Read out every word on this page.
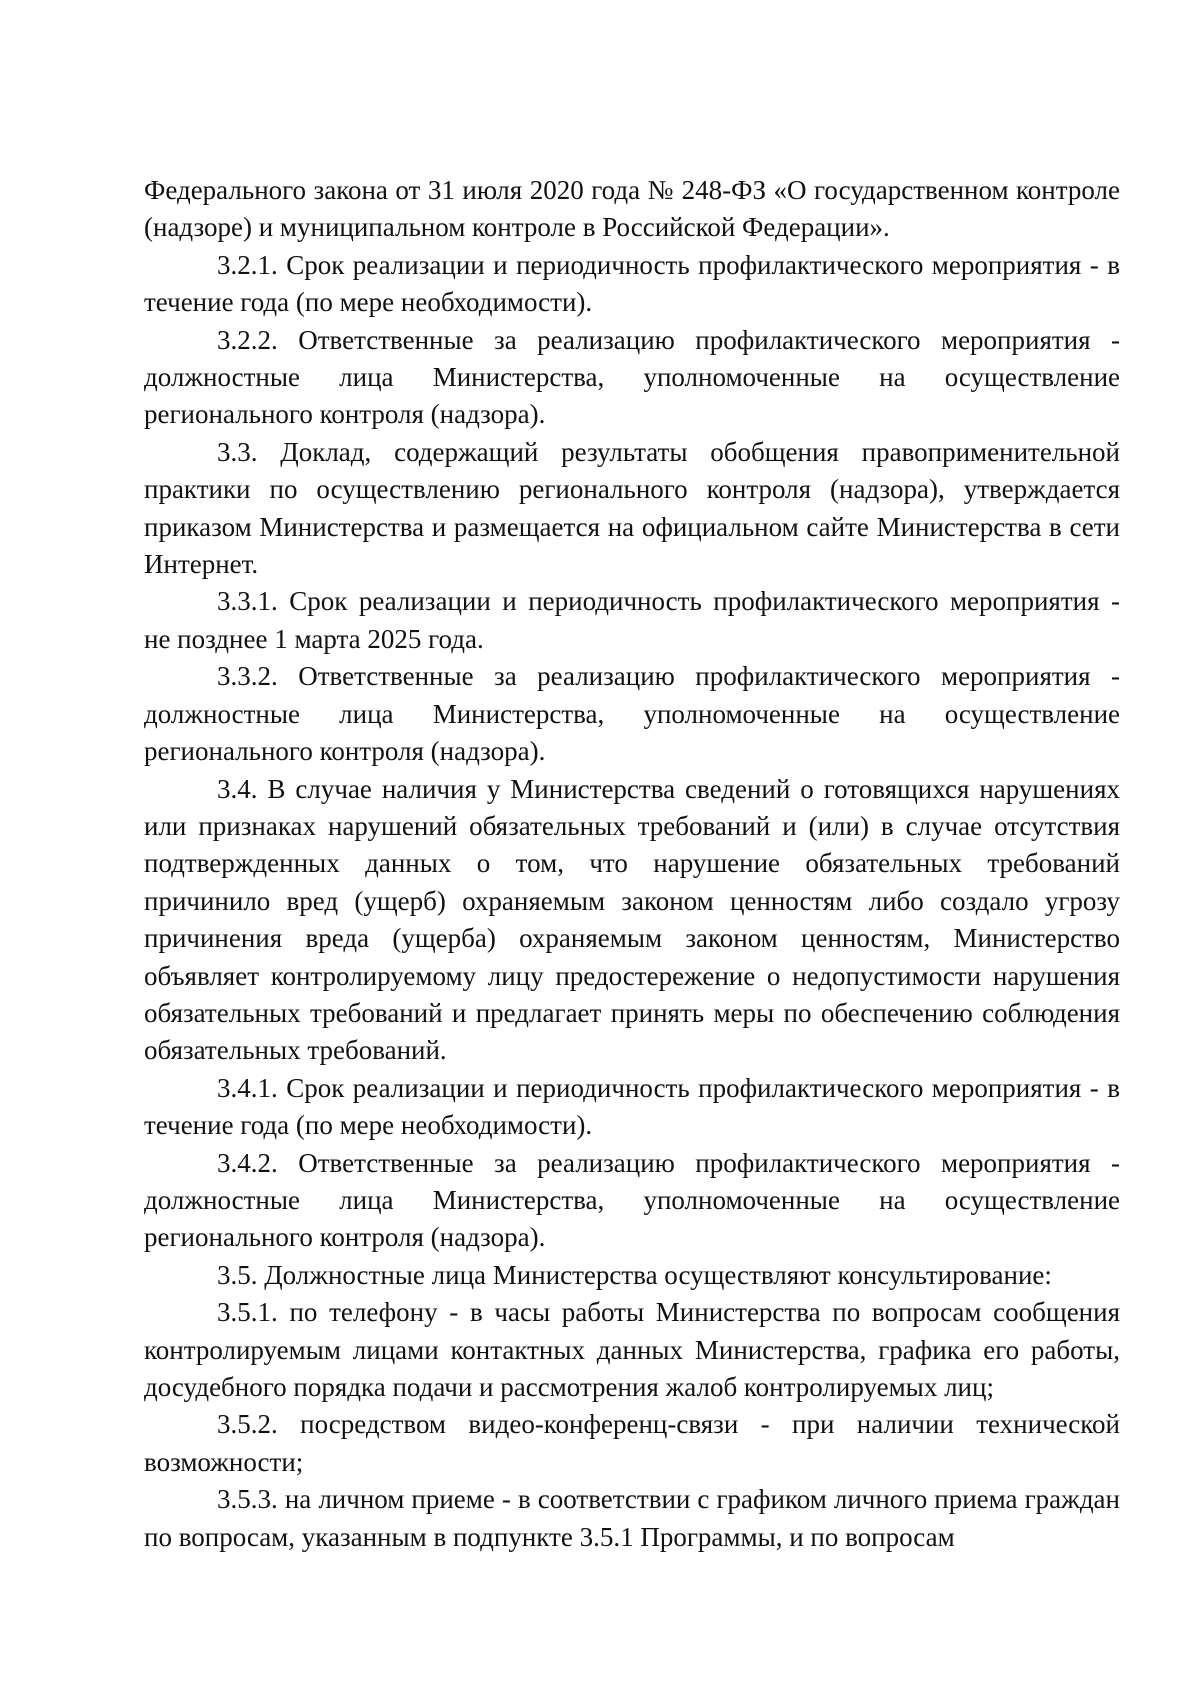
Федерального закона от 31 июля 2020 года № 248-ФЗ «О государственном контроле (надзоре) и муниципальном контроле в Российской Федерации».

3.2.1. Срок реализации и периодичность профилактического мероприятия - в течение года (по мере необходимости).

3.2.2. Ответственные за реализацию профилактического мероприятия - должностные лица Министерства, уполномоченные на осуществление регионального контроля (надзора).

3.3. Доклад, содержащий результаты обобщения правоприменительной практики по осуществлению регионального контроля (надзора), утверждается приказом Министерства и размещается на официальном сайте Министерства в сети Интернет.

3.3.1. Срок реализации и периодичность профилактического мероприятия - не позднее 1 марта 2025 года.

3.3.2. Ответственные за реализацию профилактического мероприятия - должностные лица Министерства, уполномоченные на осуществление регионального контроля (надзора).

3.4. В случае наличия у Министерства сведений о готовящихся нарушениях или признаках нарушений обязательных требований и (или) в случае отсутствия подтвержденных данных о том, что нарушение обязательных требований причинило вред (ущерб) охраняемым законом ценностям либо создало угрозу причинения вреда (ущерба) охраняемым законом ценностям, Министерство объявляет контролируемому лицу предостережение о недопустимости нарушения обязательных требований и предлагает принять меры по обеспечению соблюдения обязательных требований.

3.4.1. Срок реализации и периодичность профилактического мероприятия - в течение года (по мере необходимости).

3.4.2. Ответственные за реализацию профилактического мероприятия - должностные лица Министерства, уполномоченные на осуществление регионального контроля (надзора).

3.5. Должностные лица Министерства осуществляют консультирование:

3.5.1. по телефону - в часы работы Министерства по вопросам сообщения контролируемым лицами контактных данных Министерства, графика его работы, досудебного порядка подачи и рассмотрения жалоб контролируемых лиц;

3.5.2. посредством видео-конференц-связи - при наличии технической возможности;

3.5.3. на личном приеме - в соответствии с графиком личного приема граждан по вопросам, указанным в подпункте 3.5.1 Программы, и по вопросам
